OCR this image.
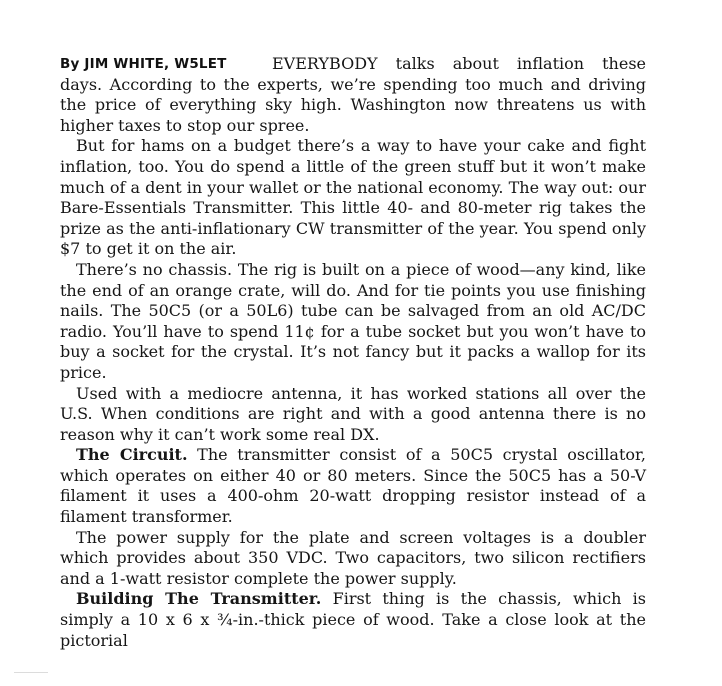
By JIM WHITE, W5LET	EVERYBODY talks about inflation these

days. According to the experts, we’re spending too much and driving the price of everything sky high. Washington now threatens us with higher taxes to stop our spree.

But for hams on a budget there’s a way to have your cake and fight inflation, too. You do spend a little of the green stuff but it won’t make much of a dent in your wallet or the national economy. The way out: our Bare-Essentials Transmitter. This little 40- and 80-meter rig takes the prize as the anti-inflationary CW transmitter of the year. You spend only $7 to get it on the air.

There’s no chassis. The rig is built on a piece of wood—any kind, like the end of an orange crate, will do. And for tie points you use finishing nails. The 50C5 (or a 50L6) tube can be salvaged from an old AC/DC radio. You’ll have to spend 11¢ for a tube socket but you won’t have to buy a socket for the crystal. It’s not fancy but it packs a wallop for its price.

Used with a mediocre antenna, it has worked stations all over the U.S. When conditions are right and with a good antenna there is no reason why it can’t work some real DX.

The Circuit. The transmitter consist of a 50C5 crystal oscillator, which operates on either 40 or 80 meters. Since the 50C5 has a 50-V filament it uses a 400-ohm 20-watt dropping resistor instead of a filament transformer.

The power supply for the plate and screen voltages is a doubler which provides about 350 VDC. Two capacitors, two silicon rectifiers and a 1-watt resistor complete the power supply.

Building The Transmitter. First thing is the chassis, which is simply a 10 x 6 x ¾-in.-thick piece of wood. Take a close look at the pictorial
